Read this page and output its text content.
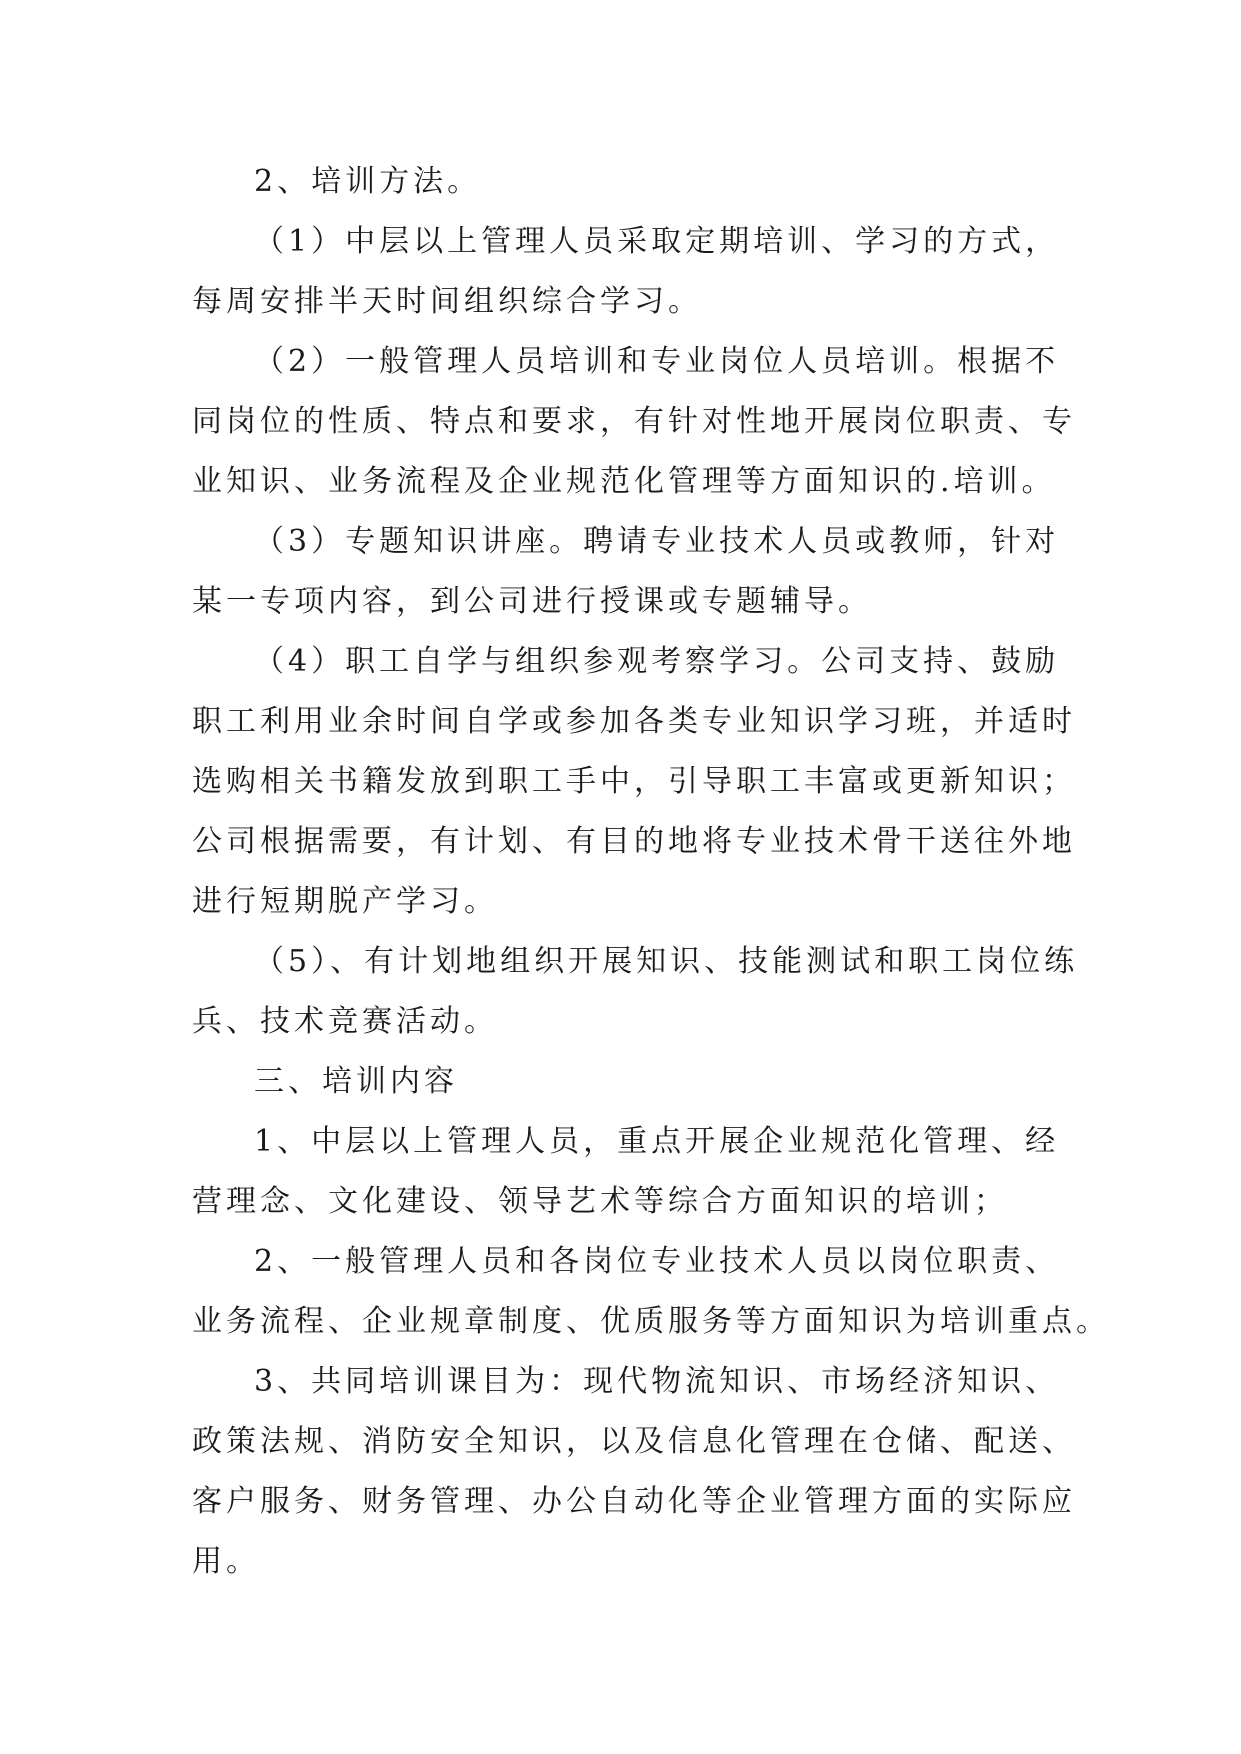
2、培训方法。

（1）中层以上管理人员采取定期培训、学习的方式，
每周安排半天时间组织综合学习。

（2）一般管理人员培训和专业岗位人员培训。根据不
同岗位的性质、特点和要求，有针对性地开展岗位职责、专
业知识、业务流程及企业规范化管理等方面知识的.培训。

（3）专题知识讲座。聘请专业技术人员或教师，针对
某一专项内容，到公司进行授课或专题辅导。

（4）职工自学与组织参观考察学习。公司支持、鼓励
职工利用业余时间自学或参加各类专业知识学习班，并适时
选购相关书籍发放到职工手中，引导职工丰富或更新知识；
公司根据需要，有计划、有目的地将专业技术骨干送往外地
进行短期脱产学习。

（5）、有计划地组织开展知识、技能测试和职工岗位练
兵、技术竞赛活动。

三、培训内容

1、中层以上管理人员，重点开展企业规范化管理、经
营理念、文化建设、领导艺术等综合方面知识的培训；

2、一般管理人员和各岗位专业技术人员以岗位职责、
业务流程、企业规章制度、优质服务等方面知识为培训重点。

3、共同培训课目为：现代物流知识、市场经济知识、
政策法规、消防安全知识，以及信息化管理在仓储、配送、
客户服务、财务管理、办公自动化等企业管理方面的实际应
用。
